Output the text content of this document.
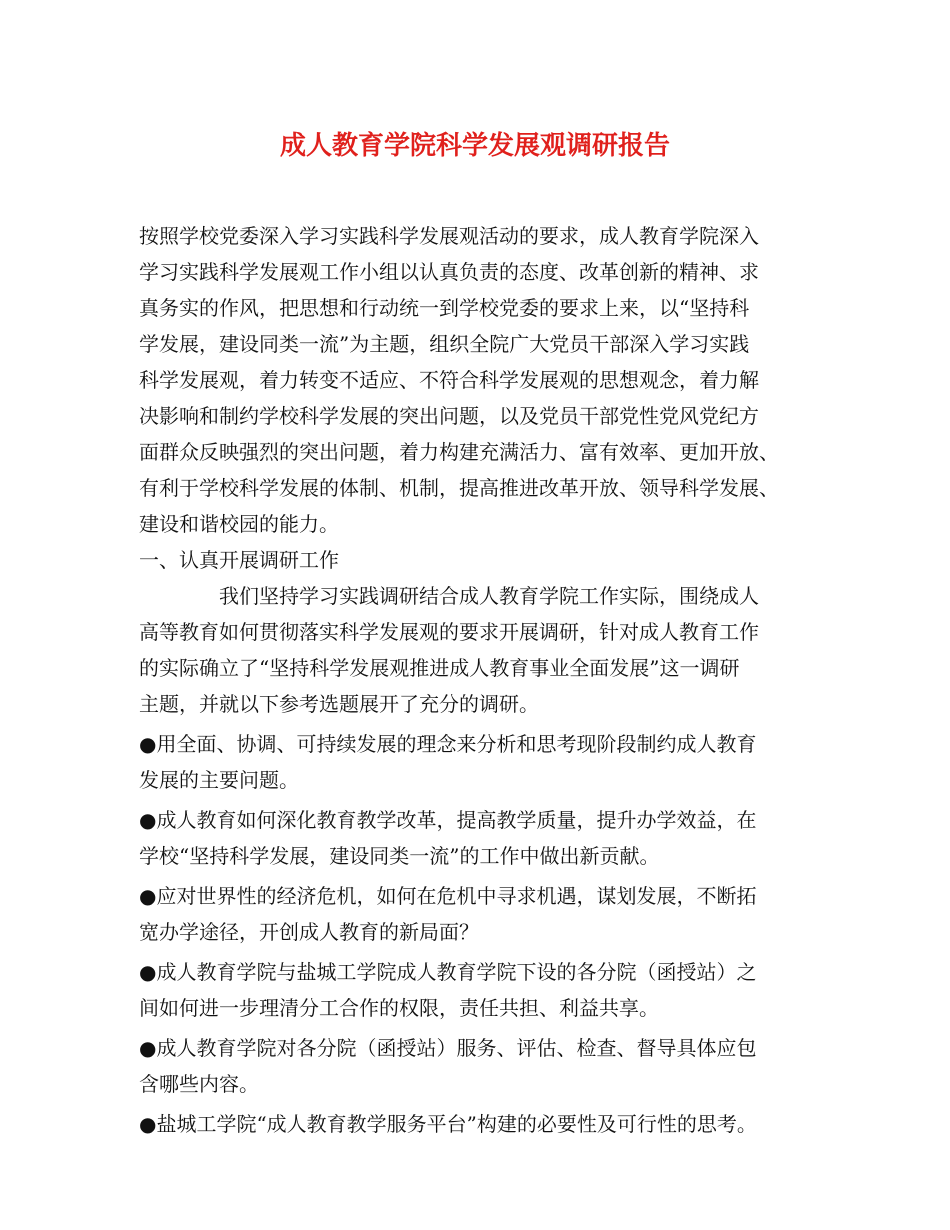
成人教育学院科学发展观调研报告
按照学校党委深入学习实践科学发展观活动的要求，成人教育学院深入
学习实践科学发展观工作小组以认真负责的态度、改革创新的精神、求
真务实的作风，把思想和行动统一到学校党委的要求上来，以“坚持科
学发展，建设同类一流”为主题，组织全院广大党员干部深入学习实践
科学发展观，着力转变不适应、不符合科学发展观的思想观念，着力解
决影响和制约学校科学发展的突出问题，以及党员干部党性党风党纪方
面群众反映强烈的突出问题，着力构建充满活力、富有效率、更加开放、
有利于学校科学发展的体制、机制，提高推进改革开放、领导科学发展、
建设和谐校园的能力。
一、认真开展调研工作
我们坚持学习实践调研结合成人教育学院工作实际，围绕成人
高等教育如何贯彻落实科学发展观的要求开展调研，针对成人教育工作
的实际确立了“坚持科学发展观推进成人教育事业全面发展”这一调研
主题，并就以下参考选题展开了充分的调研。
●用全面、协调、可持续发展的理念来分析和思考现阶段制约成人教育
发展的主要问题。
●成人教育如何深化教育教学改革，提高教学质量，提升办学效益，在
学校“坚持科学发展，建设同类一流”的工作中做出新贡献。
●应对世界性的经济危机，如何在危机中寻求机遇，谋划发展，不断拓
宽办学途径，开创成人教育的新局面？
●成人教育学院与盐城工学院成人教育学院下设的各分院（函授站）之
间如何进一步理清分工合作的权限，责任共担、利益共享。
●成人教育学院对各分院（函授站）服务、评估、检查、督导具体应包
含哪些内容。
●盐城工学院“成人教育教学服务平台”构建的必要性及可行性的思考。
